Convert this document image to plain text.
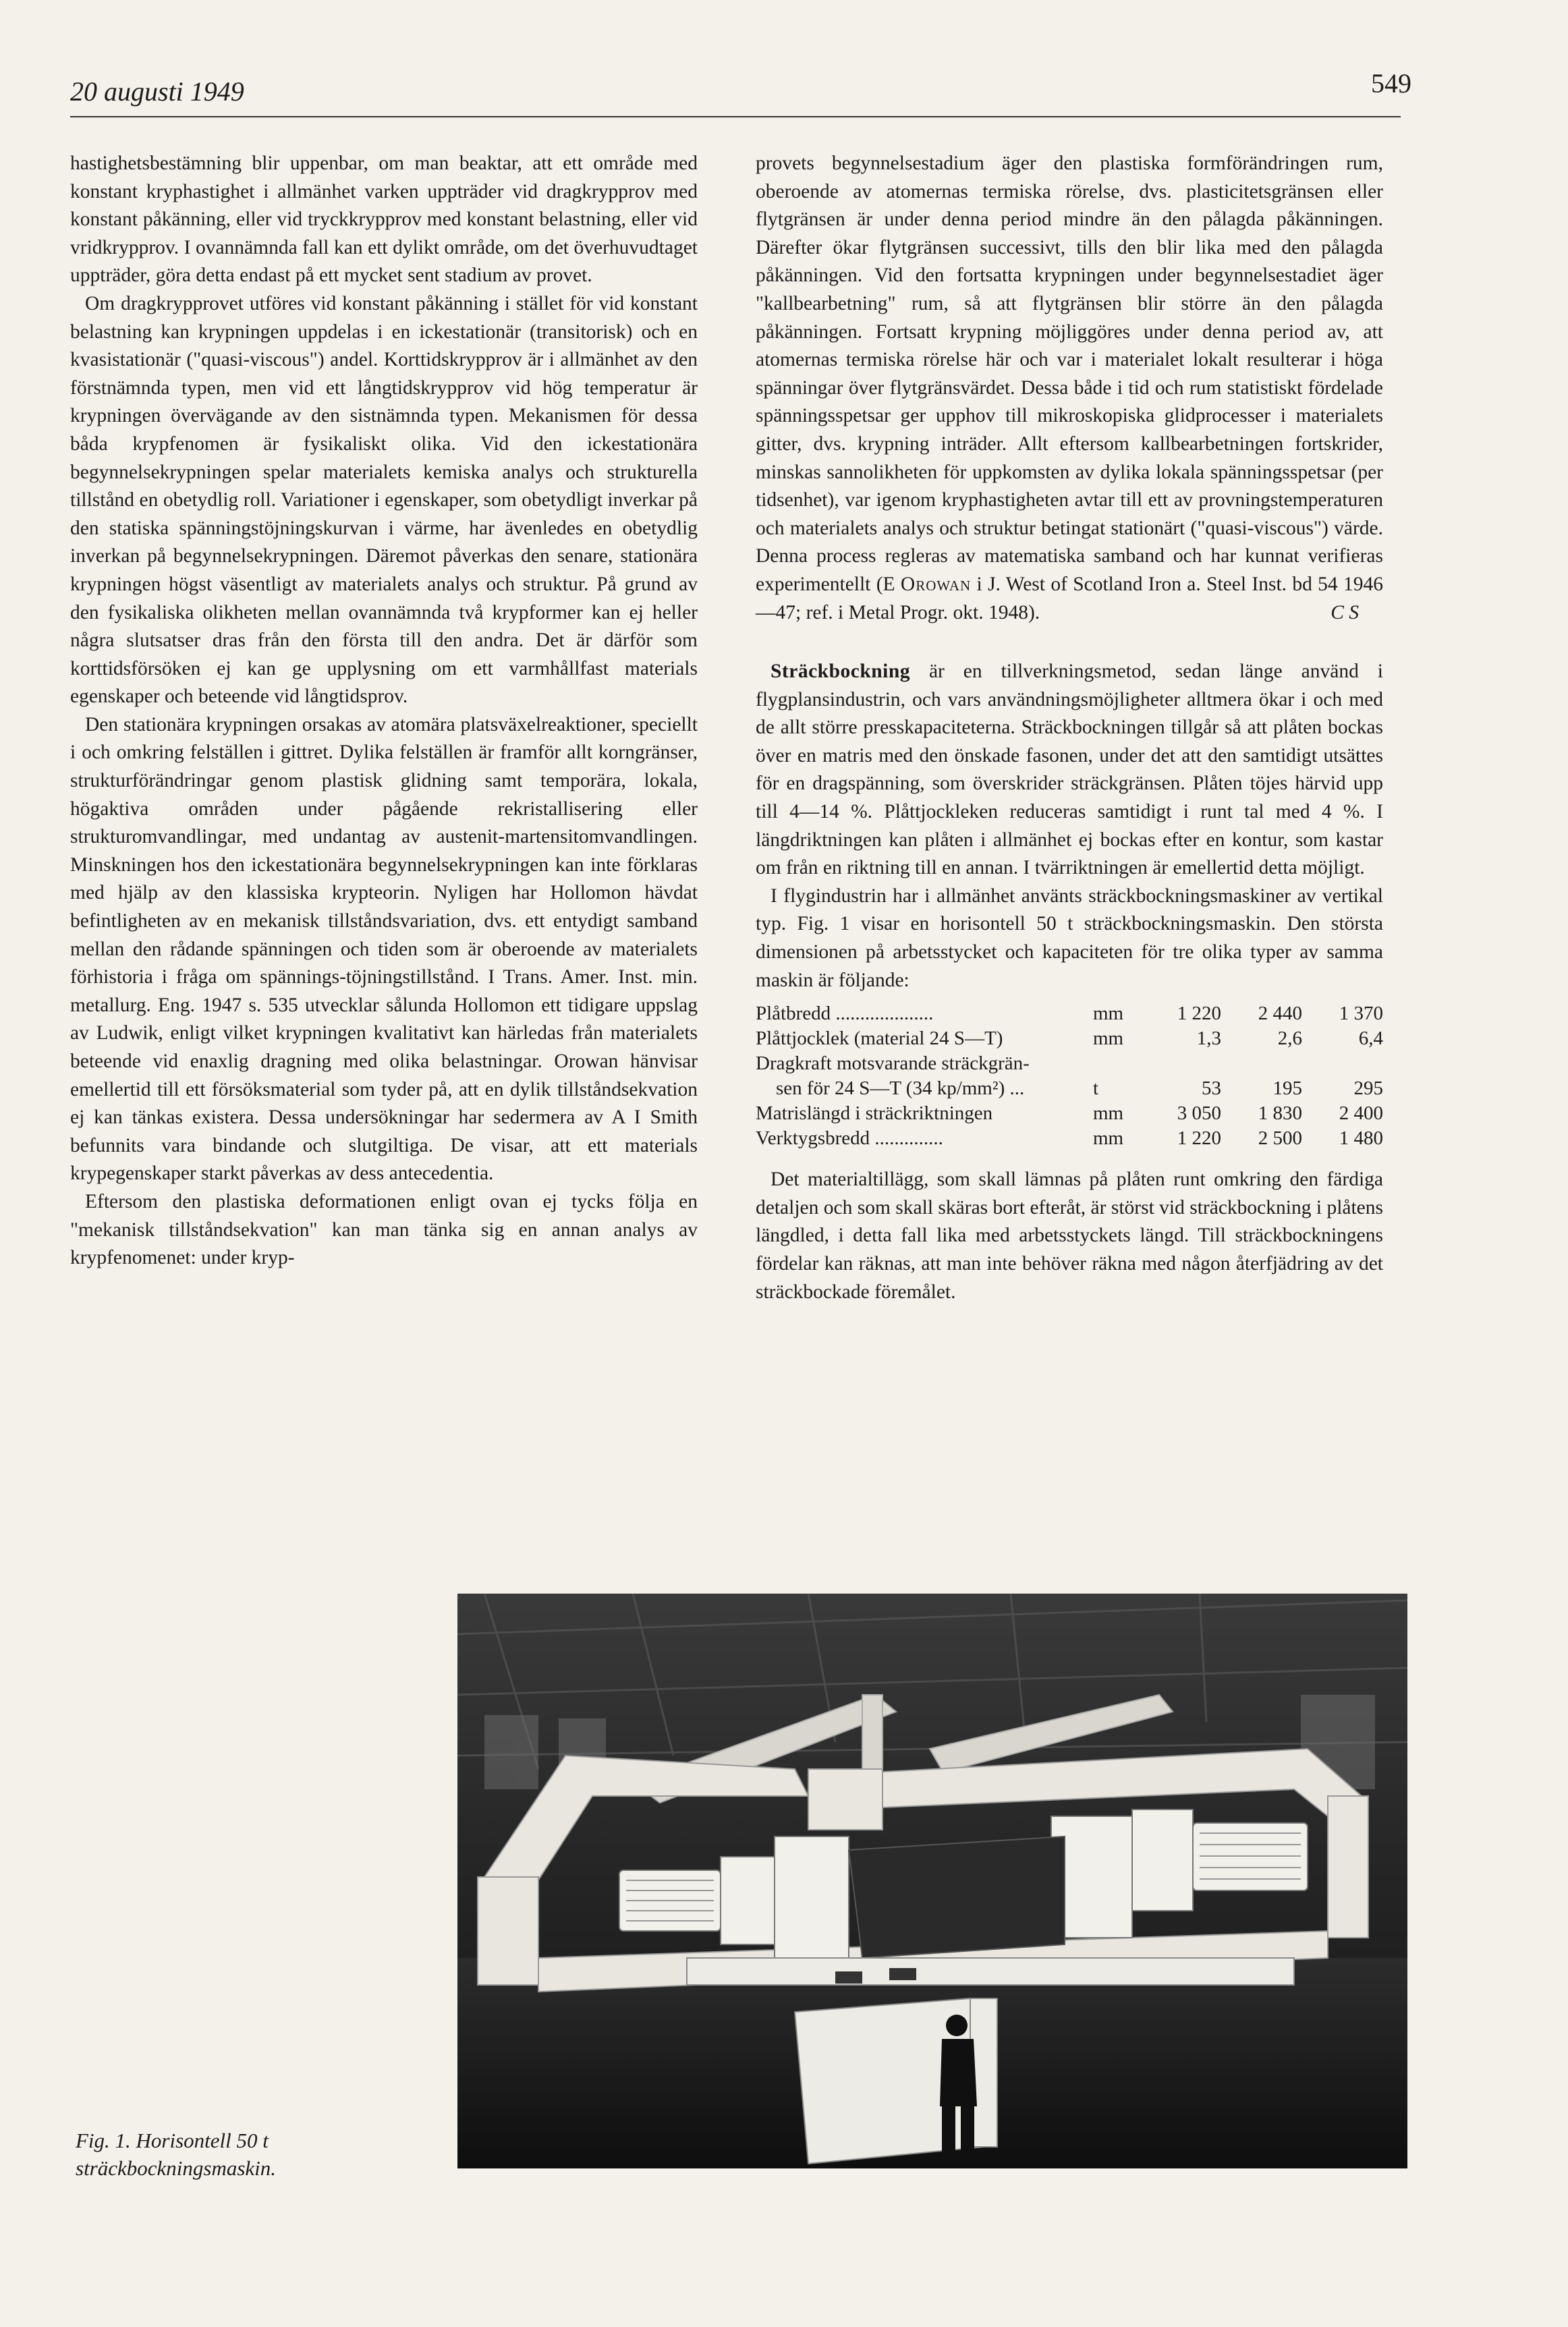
20 augusti 1949	549

hastighetsbestämning blir uppenbar, om man beaktar, att ett område med konstant kryphastighet i allmänhet varken uppträder vid dragkrypprov med konstant påkänning, eller vid tryckkrypprov med konstant belastning, eller vid vridkrypprov. I ovannämnda fall kan ett dylikt område, om det överhuvudtaget uppträder, göra detta endast på ett mycket sent stadium av provet.

Om dragkrypprovet utföres vid konstant påkänning i stället för vid konstant belastning kan krypningen uppdelas i en ickestationär (transitorisk) och en kvasistationär ("quasi-viscous") andel. Korttidskrypprov är i allmänhet av den förstnämnda typen, men vid ett långtidskrypprov vid hög temperatur är krypningen övervägande av den sistnämnda typen. Mekanismen för dessa båda krypfenomen är fysikaliskt olika. Vid den ickestationära begynnelsekrypningen spelar materialets kemiska analys och strukturella tillstånd en obetydlig roll. Variationer i egenskaper, som obetydligt inverkar på den statiska spänningstöjningskurvan i värme, har ävenledes en obetydlig inverkan på begynnelsekrypningen. Däremot påverkas den senare, stationära krypningen högst väsentligt av materialets analys och struktur. På grund av den fysikaliska olikheten mellan ovannämnda två krypformer kan ej heller några slutsatser dras från den första till den andra. Det är därför som korttidsförsöken ej kan ge upplysning om ett varmhållfast materials egenskaper och beteende vid långtidsprov.

Den stationära krypningen orsakas av atomära platsväxelreaktioner, speciellt i och omkring felställen i gittret. Dylika felställen är framför allt korngränser, strukturförändringar genom plastisk glidning samt temporära, lokala, högaktiva områden under pågående rekristallisering eller strukturomvandlingar, med undantag av austenit-martensitomvandlingen. Minskningen hos den ickestationära begynnelsekrypningen kan inte förklaras med hjälp av den klassiska krypteorin. Nyligen har Hollomon hävdat befintligheten av en mekanisk tillståndsvariation, dvs. ett entydigt samband mellan den rådande spänningen och tiden som är oberoende av materialets förhistoria i fråga om spännings-töjningstillstånd. I Trans. Amer. Inst. min. metallurg. Eng. 1947 s. 535 utvecklar sålunda Hollomon ett tidigare uppslag av Ludwik, enligt vilket krypningen kvalitativt kan härledas från materialets beteende vid enaxlig dragning med olika belastningar. Orowan hänvisar emellertid till ett försöksmaterial som tyder på, att en dylik tillståndsekvation ej kan tänkas existera. Dessa undersökningar har sedermera av A I Smith befunnits vara bindande och slutgiltiga. De visar, att ett materials krypegenskaper starkt påverkas av dess antecedentia.

Eftersom den plastiska deformationen enligt ovan ej tycks följa en "mekanisk tillståndsekvation" kan man tänka sig en annan analys av krypfenomenet: under kryp-

provets begynnelsestadium äger den plastiska formförändringen rum, oberoende av atomernas termiska rörelse, dvs. plasticitetsgränsen eller flytgränsen är under denna period mindre än den pålagda påkänningen. Därefter ökar flytgränsen successivt, tills den blir lika med den pålagda påkänningen. Vid den fortsatta krypningen under begynnelsestadiet äger "kallbearbetning" rum, så att flytgränsen blir större än den pålagda påkänningen. Fortsatt krypning möjliggöres under denna period av, att atomernas termiska rörelse här och var i materialet lokalt resulterar i höga spänningar över flytgränsvärdet. Dessa både i tid och rum statistiskt fördelade spänningsspetsar ger upphov till mikroskopiska glidprocesser i materialets gitter, dvs. krypning inträder. Allt eftersom kallbearbetningen fortskrider, minskas sannolikheten för uppkomsten av dylika lokala spänningsspetsar (per tidsenhet), var igenom kryphastigheten avtar till ett av provningstemperaturen och materialets analys och struktur betingat stationärt ("quasi-viscous") värde. Denna process regleras av matematiska samband och har kunnat verifieras experimentellt (E Orowan i J. West of Scotland Iron a. Steel Inst. bd 54 1946—47; ref. i Metal Progr. okt. 1948).	C S

Sträckbockning är en tillverkningsmetod, sedan länge använd i flygplansindustrin, och vars användningsmöjligheter alltmera ökar i och med de allt större presskapaciteterna. Sträckbockningen tillgår så att plåten bockas över en matris med den önskade fasonen, under det att den samtidigt utsättes för en dragspänning, som överskrider sträckgränsen. Plåten töjes härvid upp till 4—14 %. Plåttjockleken reduceras samtidigt i runt tal med 4 %. I längdriktningen kan plåten i allmänhet ej bockas efter en kontur, som kastar om från en riktning till en annan. I tvärriktningen är emellertid detta möjligt.

I flygindustrin har i allmänhet använts sträckbockningsmaskiner av vertikal typ. Fig. 1 visar en horisontell 50 t sträckbockningsmaskin. Den största dimensionen på arbetsstycket och kapaciteten för tre olika typer av samma maskin är följande:

Plåtbredd ....................	mm	1 220	2 440	1 370
Plåttjocklek (material 24 S—T)	mm	1,3	2,6	6,4
Dragkraft motsvarande sträckgrän-				
sen för 24 S—T (34 kp/mm²) ...	t	53	195	295
Matrislängd i sträckriktningen	mm	3 050	1 830	2 400
Verktygsbredd ..............	mm	1 220	2 500	1 480

Det materialtillägg, som skall lämnas på plåten runt omkring den färdiga detaljen och som skall skäras bort efteråt, är störst vid sträckbockning i plåtens längdled, i detta fall lika med arbetsstyckets längd. Till sträckbockningens fördelar kan räknas, att man inte behöver räkna med någon återfjädring av det sträckbockade föremålet.

Fig. 1. Horisontell 50 t sträckbockningsmaskin.
